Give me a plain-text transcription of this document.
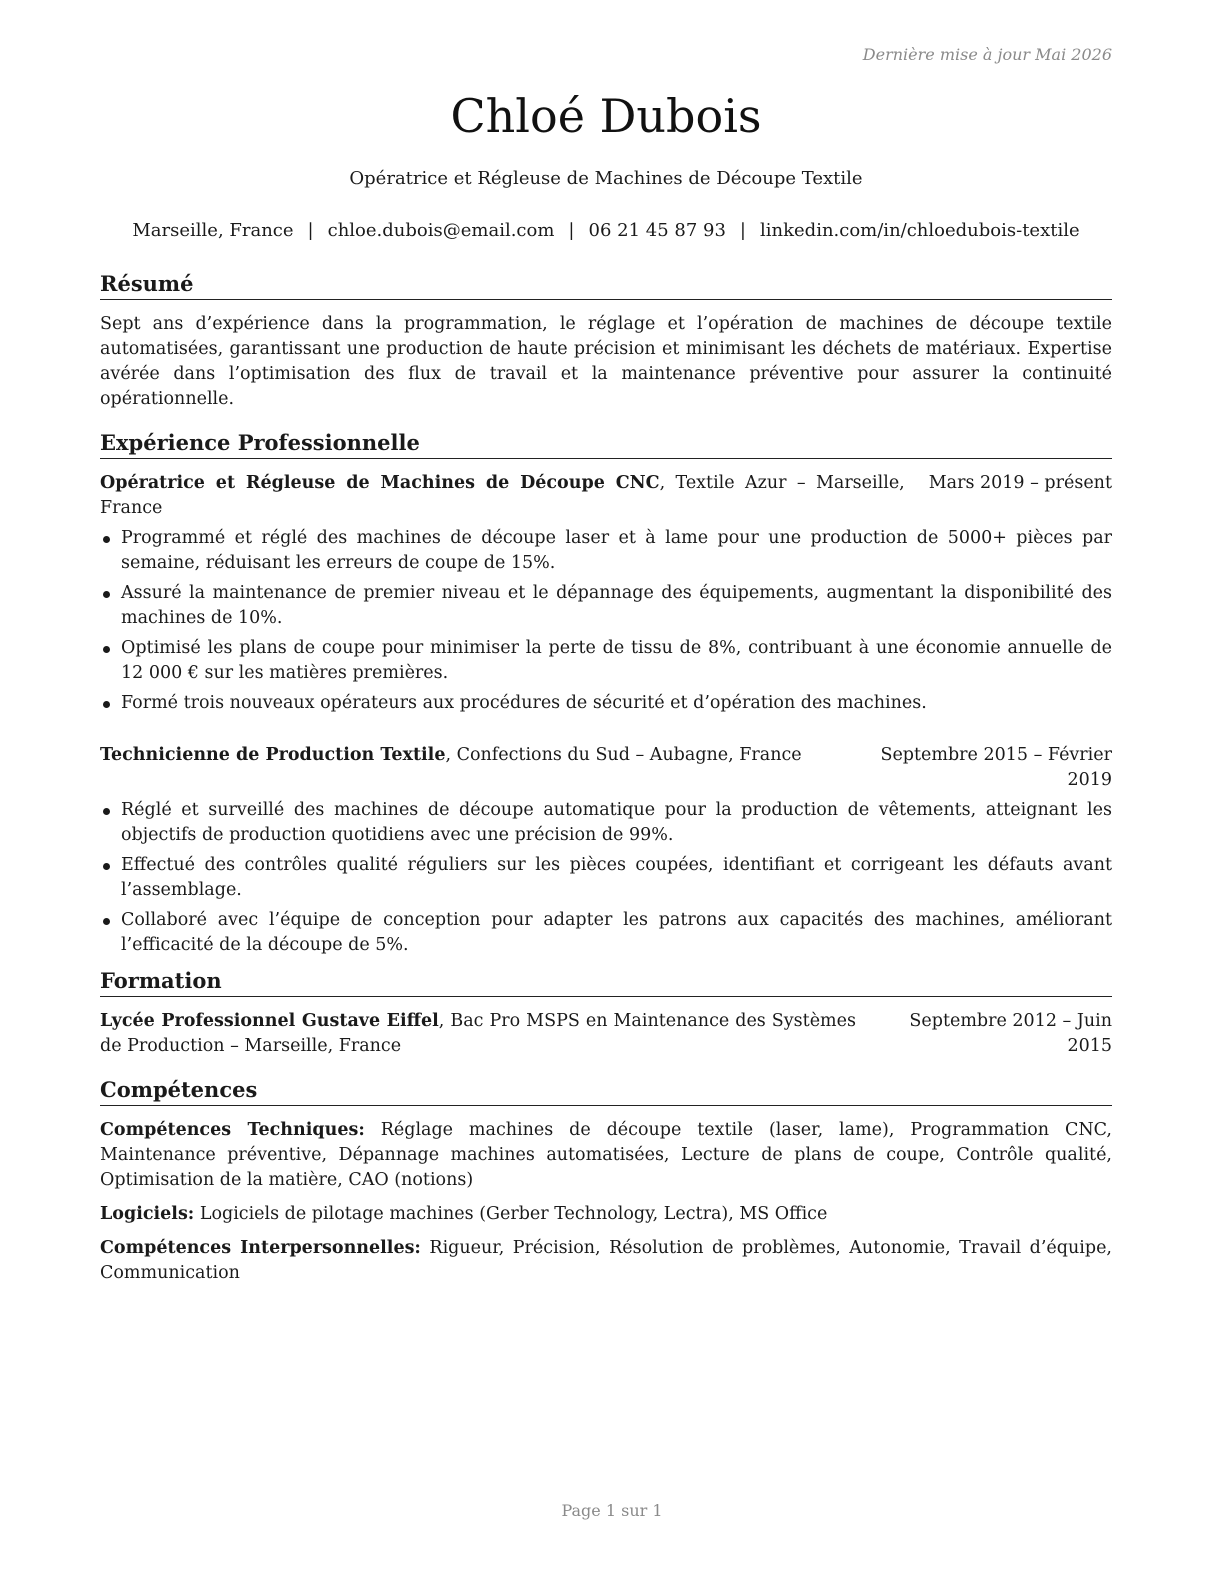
Dernière mise à jour Mai 2026
Chloé Dubois
Opératrice et Régleuse de Machines de Découpe Textile
Marseille, France | chloe.dubois@email.com | 06 21 45 87 93 | linkedin.com/in/chloedubois-textile
Résumé
Sept ans d’expérience dans la programmation, le réglage et l’opération de machines de découpe textile automatisées, garantissant une production de haute précision et minimisant les déchets de matériaux. Expertise avérée dans l’optimisation des flux de travail et la maintenance préventive pour assurer la continuité opérationnelle.
Expérience Professionnelle
Opératrice et Régleuse de Machines de Découpe CNC, Textile Azur – Marseille, France
Mars 2019 – présent
Programmé et réglé des machines de découpe laser et à lame pour une production de 5000+ pièces par semaine, réduisant les erreurs de coupe de 15%.
Assuré la maintenance de premier niveau et le dépannage des équipements, augmentant la disponibilité des machines de 10%.
Optimisé les plans de coupe pour minimiser la perte de tissu de 8%, contribuant à une économie annuelle de 12 000 € sur les matières premières.
Formé trois nouveaux opérateurs aux procédures de sécurité et d’opération des machines.
Technicienne de Production Textile, Confections du Sud – Aubagne, France	Septembre 2015 – Février
2019
Réglé et surveillé des machines de découpe automatique pour la production de vêtements, atteignant les objectifs de production quotidiens avec une précision de 99%.
Effectué des contrôles qualité réguliers sur les pièces coupées, identifiant et corrigeant les défauts avant l’assemblage.
Collaboré avec l’équipe de conception pour adapter les patrons aux capacités des machines, améliorant l’efficacité de la découpe de 5%.
Formation
Lycée Professionnel Gustave Eiffel, Bac Pro MSPS en Maintenance des Systèmes de Production – Marseille, France
Septembre 2012 – Juin
2015
Compétences
Compétences Techniques: Réglage machines de découpe textile (laser, lame), Programmation CNC, Maintenance préventive, Dépannage machines automatisées, Lecture de plans de coupe, Contrôle qualité, Optimisation de la matière, CAO (notions)
Logiciels: Logiciels de pilotage machines (Gerber Technology, Lectra), MS Office
Compétences Interpersonnelles: Rigueur, Précision, Résolution de problèmes, Autonomie, Travail d’équipe, Communication
Page 1 sur 1
